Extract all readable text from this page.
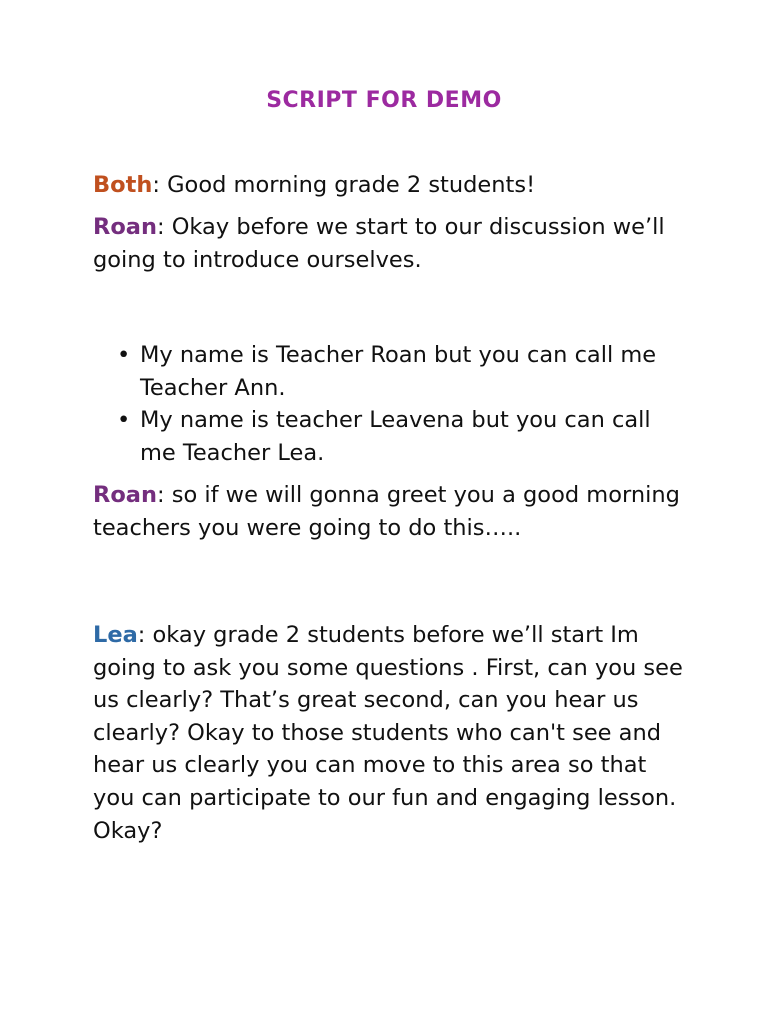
SCRIPT FOR DEMO
Both: Good morning grade 2 students!
Roan: Okay before we start to our discussion we’ll going to introduce ourselves.
• My name is Teacher Roan but you can call me Teacher Ann.
• My name is teacher Leavena but you can call me Teacher Lea.
Roan: so if we will gonna greet you a good morning teachers you were going to do this…..
Lea: okay grade 2 students before we’ll start Im going to ask you some questions . First, can you see us clearly? That’s great second, can you hear us clearly? Okay to those students who can't see and hear us clearly you can move to this area so that you can participate to our fun and engaging lesson. Okay?
